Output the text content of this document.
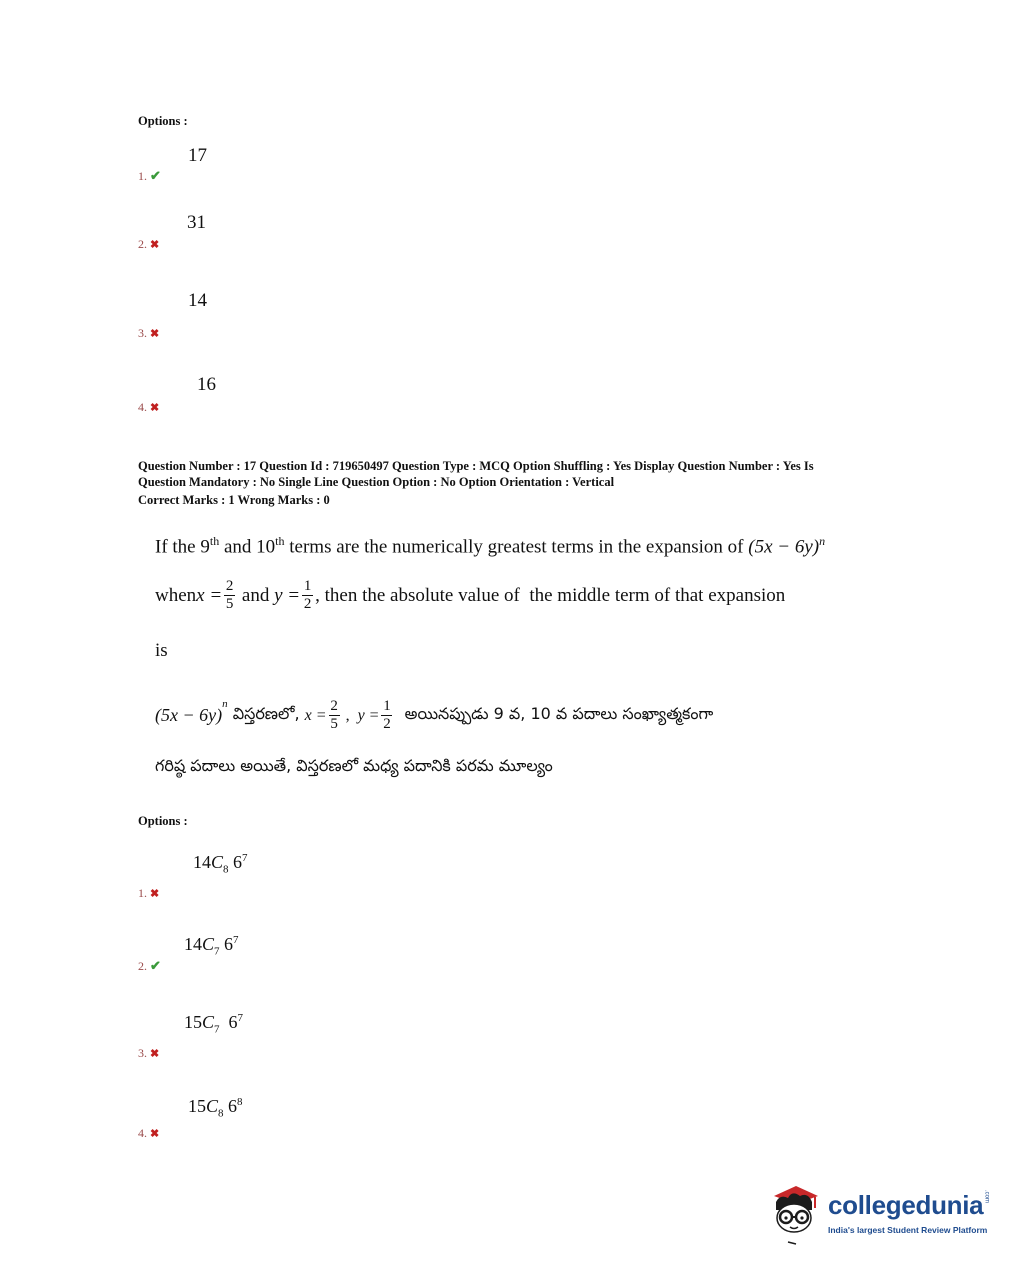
Options :
17
1. ✔
31
2. ✖
14
3. ✖
16
4. ✖
Question Number : 17 Question Id : 719650497 Question Type : MCQ Option Shuffling : Yes Display Question Number : Yes Is
Question Mandatory : No Single Line Question Option : No Option Orientation : Vertical
Correct Marks : 1 Wrong Marks : 0
If the 9th and 10th terms are the numerically greatest terms in the expansion of $(5x - 6y)^n$
when $x = \frac{2}{5}$ and $y = \frac{1}{2}$ , then the absolute value of  the middle term of that expansion
is
(5x − 6y)
$^n$ విస్తరణలో, $x = \frac{2}{5}$ , $y = \frac{1}{2}$ అయినప్పుడు 9 వ, 10 వ పదాలు సంఖ్యాత్మకంగా
గరిష్ఠ పదాలు అయితే, విస్తరణలో మధ్య పదానికి పరమ మూల్యం
Options :
$14C_8$ $6^7$
1. ✖
$14C_7$ $6^7$
2. ✔
$15C_7$ $6^7$
3. ✖
$15C_8$ $6^8$
4. ✖
collegedunia .com
India's largest Student Review Platform
